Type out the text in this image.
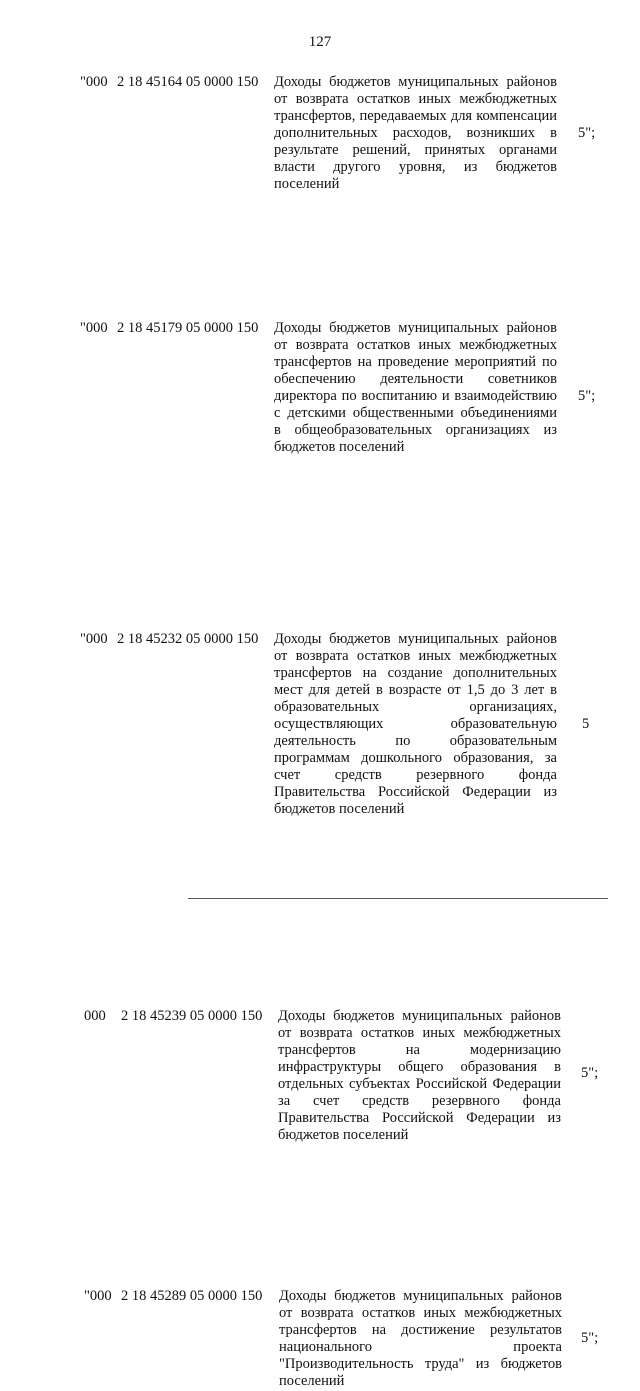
127
"000 2 18 45164 05 0000 150 Доходы бюджетов муниципальных районов от возврата остатков иных межбюджетных трансфертов, передаваемых для компенсации дополнительных расходов, возникших в результате решений, принятых органами власти другого уровня, из бюджетов поселений
5";
"000 2 18 45179 05 0000 150 Доходы бюджетов муниципальных районов от возврата остатков иных межбюджетных трансфертов на проведение мероприятий по обеспечению деятельности советников директора по воспитанию и взаимодействию с детскими общественными объединениями в общеобразовательных организациях из бюджетов поселений
5";
"000 2 18 45232 05 0000 150 Доходы бюджетов муниципальных районов от возврата остатков иных межбюджетных трансфертов на создание дополнительных мест для детей в возрасте от 1,5 до 3 лет в образовательных организациях, осуществляющих образовательную деятельность по образовательным программам дошкольного образования, за счет средств резервного фонда Правительства Российской Федерации из бюджетов поселений
5
000 2 18 45239 05 0000 150 Доходы бюджетов муниципальных районов от возврата остатков иных межбюджетных трансфертов на модернизацию инфраструктуры общего образования в отдельных субъектах Российской Федерации за счет средств резервного фонда Правительства Российской Федерации из бюджетов поселений
5";
"000 2 18 45289 05 0000 150 Доходы бюджетов муниципальных районов от возврата остатков иных межбюджетных трансфертов на достижение результатов национального проекта "Производительность труда" из бюджетов поселений
5";
